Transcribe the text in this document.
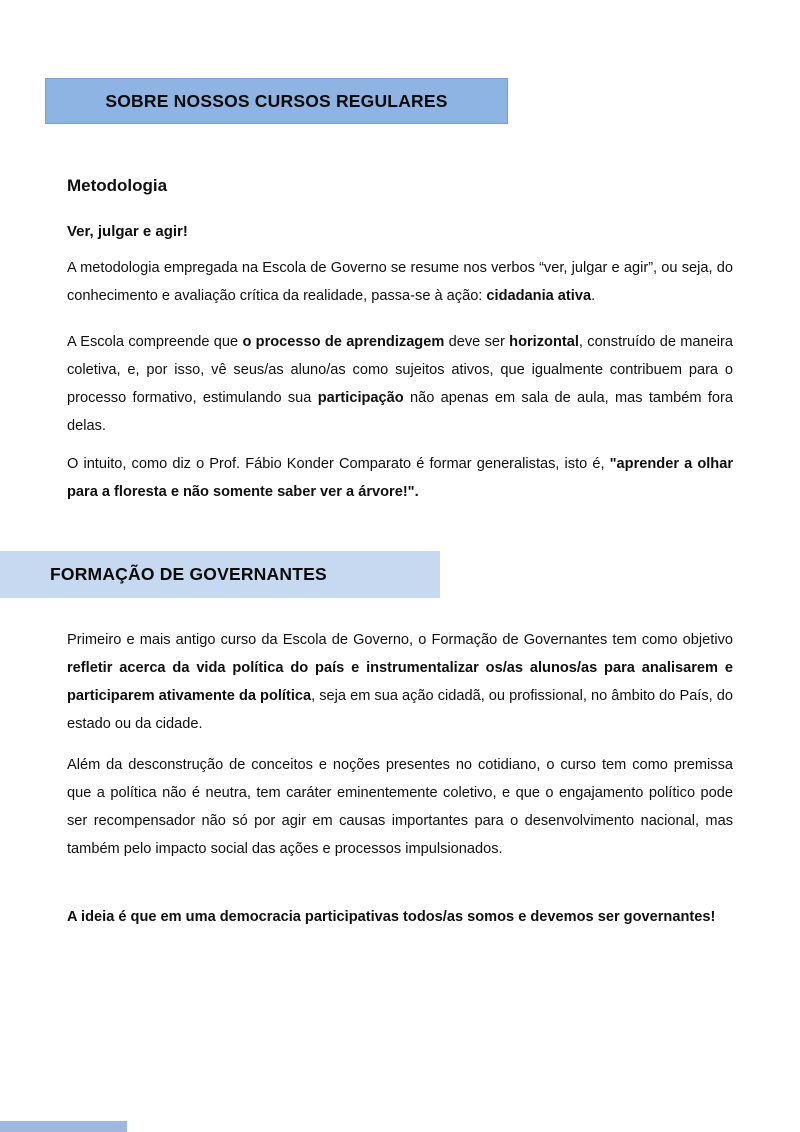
SOBRE NOSSOS CURSOS REGULARES
Metodologia
Ver, julgar e agir!

A metodologia empregada na Escola de Governo se resume nos verbos “ver, julgar e agir”, ou seja, do conhecimento e avaliação crítica da realidade, passa-se à ação: cidadania ativa.

A Escola compreende que o processo de aprendizagem deve ser horizontal, construído de maneira coletiva, e, por isso, vê seus/as aluno/as como sujeitos ativos, que igualmente contribuem para o processo formativo, estimulando sua participação não apenas em sala de aula, mas também fora delas.

O intuito, como diz o Prof. Fábio Konder Comparato é formar generalistas, isto é, "aprender a olhar para a floresta e não somente saber ver a árvore!".

FORMAÇÃO DE GOVERNANTES

Primeiro e mais antigo curso da Escola de Governo, o Formação de Governantes tem como objetivo refletir acerca da vida política do país e instrumentalizar os/as alunos/as para analisarem e participarem ativamente da política, seja em sua ação cidadã, ou profissional, no âmbito do País, do estado ou da cidade.

Além da desconstrução de conceitos e noções presentes no cotidiano, o curso tem como premissa que a política não é neutra, tem caráter eminentemente coletivo, e que o engajamento político pode ser recompensador não só por agir em causas importantes para o desenvolvimento nacional, mas também pelo impacto social das ações e processos impulsionados.

A ideia é que em uma democracia participativas todos/as somos e devemos ser governantes!
